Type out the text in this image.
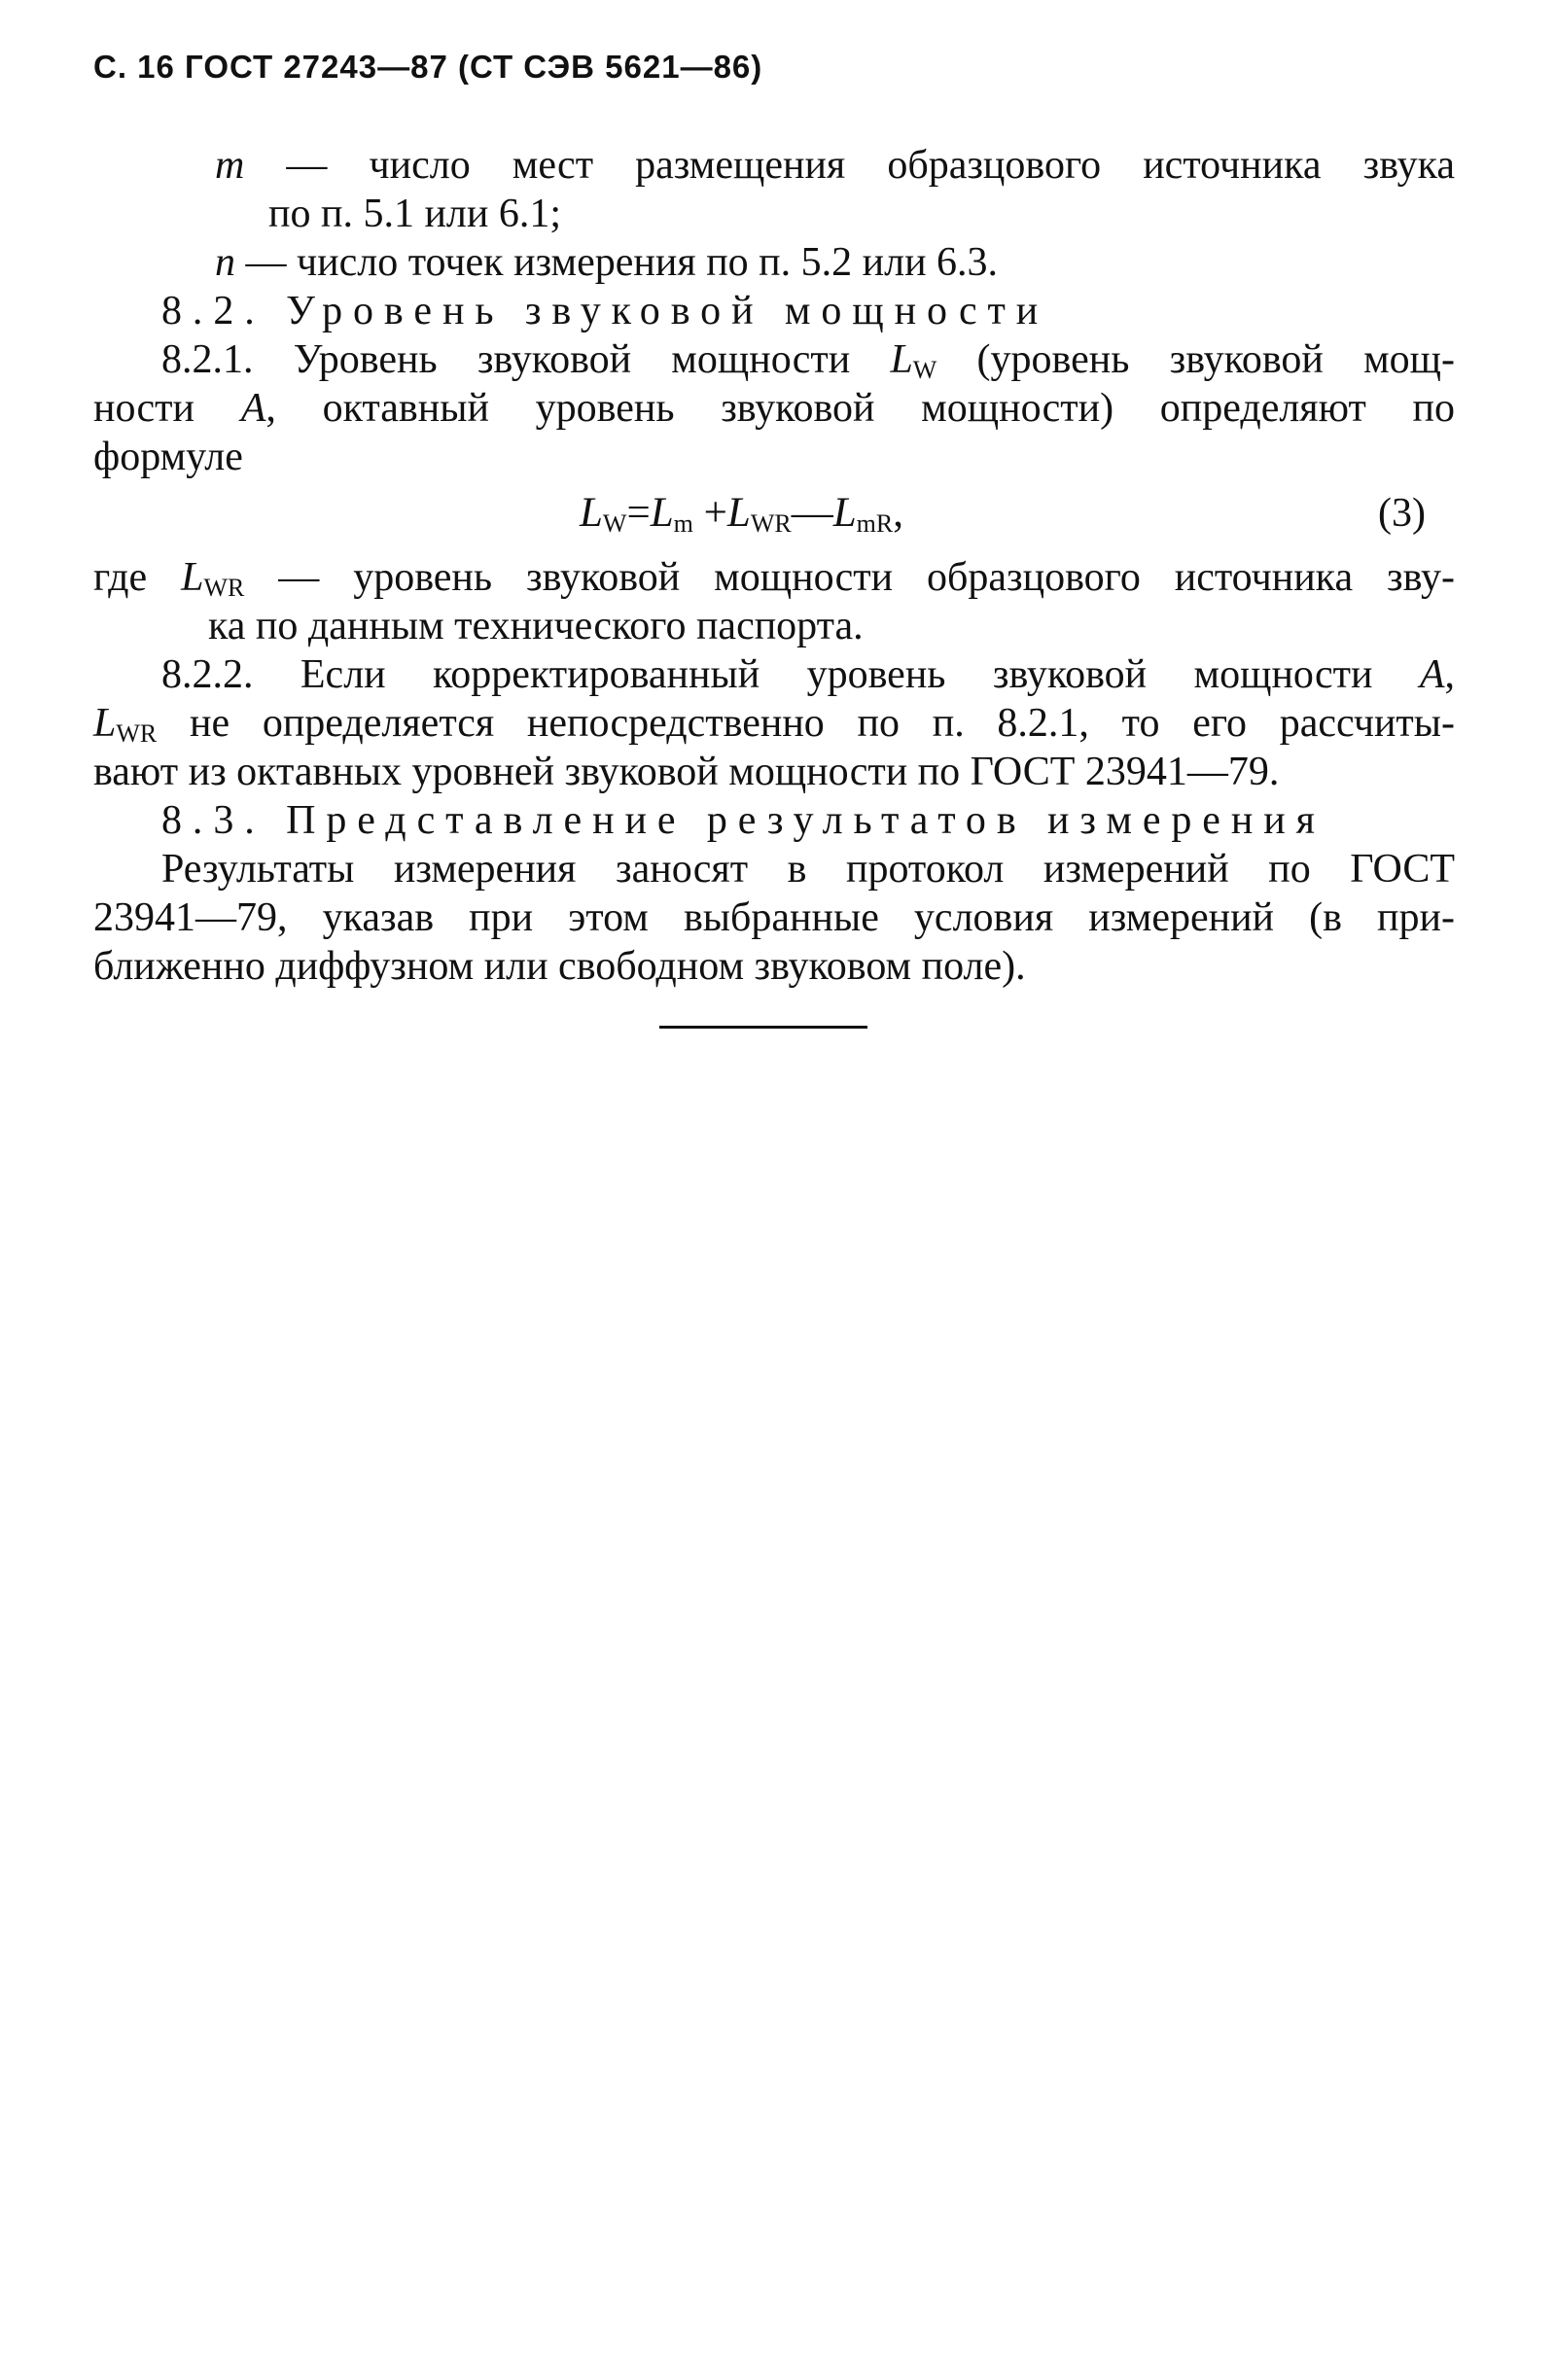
С. 16 ГОСТ 27243—87 (СТ СЭВ 5621—86)
m — число мест размещения образцового источника звука
по п. 5.1 или 6.1;
n — число точек измерения по п. 5.2 или 6.3.
8.2. Уровень звуковой мощности
8.2.1. Уровень звуковой мощности $L_W$ (уровень звуковой мощ-
ности A, октавный уровень звуковой мощности) определяют по
формуле
$L_W=L_m$ $+L_{WR}—L_{mR}$,	(3)
где $L_{WR}$ — уровень звуковой мощности образцового источника зву-
ка по данным технического паспорта.
8.2.2. Если корректированный уровень звуковой мощности A,
$L_{WR}$ не определяется непосредственно по п. 8.2.1, то его рассчиты-
вают из октавных уровней звуковой мощности по ГОСТ 23941—79.
8.3. Представление результатов измерения
Результаты измерения заносят в протокол измерений по ГОСТ
23941—79, указав при этом выбранные условия измерений (в при-
ближенно диффузном или свободном звуковом поле).
